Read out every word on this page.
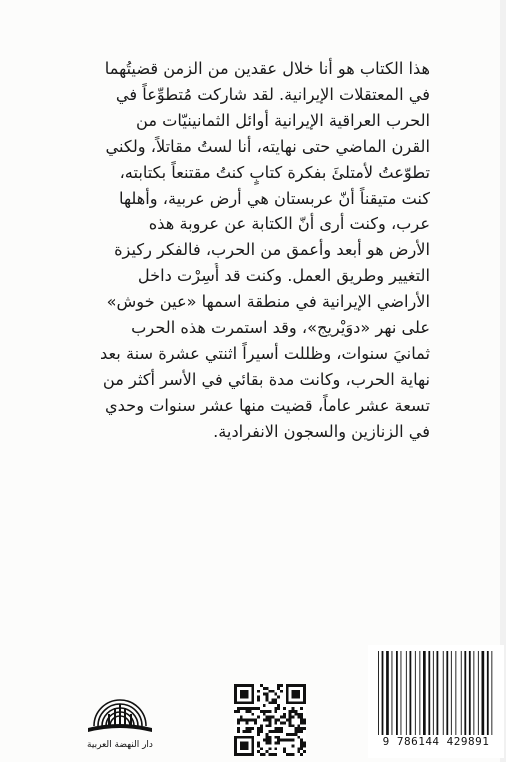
هذا الكتاب هو أنا خلال عقدين من الزمن قضيتُهما
في المعتقلات الإيرانية. لقد شاركت مُتطوِّعاً في
الحرب العراقية الإيرانية أوائل الثمانينيّات من
القرن الماضي حتى نهايته، أنا لستُ مقاتلاً، ولكني
تطوّعتُ لأمتلئَ بفكرة كتابٍ كنتُ مقتنعاً بكتابته،
كنت متيقناً أنّ عربستان هي أرض عربية، وأهلها
عرب، وكنت أرى أنّ الكتابة عن عروبة هذه
الأرض هو أبعد وأعمق من الحرب، فالفكر ركيزة
التغيير وطريق العمل. وكنت قد أُسِرْت داخل
الأراضي الإيرانية في منطقة اسمها «عين خوش»
على نهر «دوَيْريج»، وقد استمرت هذه الحرب
ثمانيَ سنوات، وظللت أسيراً اثنتي عشرة سنة بعد
نهاية الحرب، وكانت مدة بقائي في الأسر أكثر من
تسعة عشر عاماً، قضيت منها عشر سنوات وحدي
في الزنازين والسجون الانفرادية.
دار النهضة العربية	9 786144 429891
